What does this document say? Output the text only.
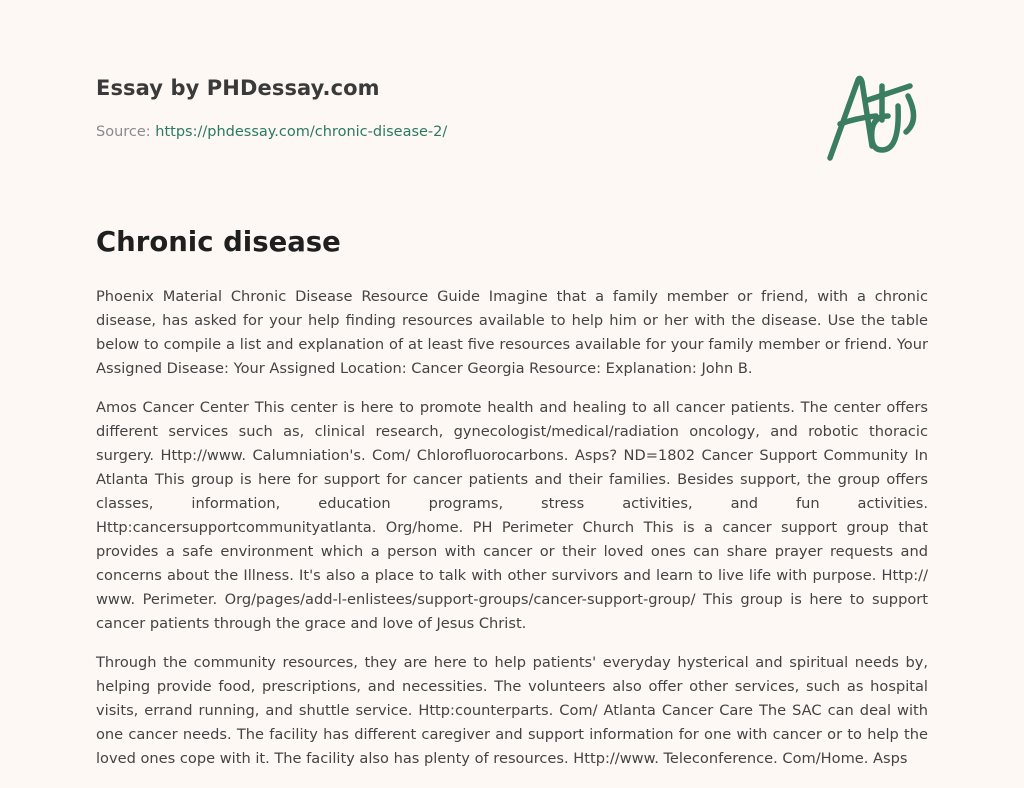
Essay by PHDessay.com
Source: https://phdessay.com/chronic-disease-2/
Chronic disease

Phoenix Material Chronic Disease Resource Guide Imagine that a family member or friend, with a chronic disease, has asked for your help finding resources available to help him or her with the disease. Use the table below to compile a list and explanation of at least five resources available for your family member or friend. Your Assigned Disease: Your Assigned Location: Cancer Georgia Resource: Explanation: John B.

Amos Cancer Center This center is here to promote health and healing to all cancer patients. The center offers different services such as, clinical research, gynecologist/medical/radiation oncology, and robotic thoracic surgery. Http://www. Calumniation's. Com/ Chlorofluorocarbons. Asps? ND=1802 Cancer Support Community In Atlanta This group is here for support for cancer patients and their families. Besides support, the group offers classes, information, education programs, stress activities, and fun activities. Http:cancersupportcommunityatlanta. Org/home. PH Perimeter Church This is a cancer support group that provides a safe environment which a person with cancer or their loved ones can share prayer requests and concerns about the Illness. It's also a place to talk with other survivors and learn to live life with purpose. Http:// www. Perimeter. Org/pages/add-l-enlistees/support-groups/cancer-support-group/ This group is here to support cancer patients through the grace and love of Jesus Christ.

Through the community resources, they are here to help patients' everyday hysterical and spiritual needs by, helping provide food, prescriptions, and necessities. The volunteers also offer other services, such as hospital visits, errand running, and shuttle service. Http:counterparts. Com/ Atlanta Cancer Care The SAC can deal with one cancer needs. The facility has different caregiver and support information for one with cancer or to help the loved ones cope with it. The facility also has plenty of resources. Http://www. Teleconference. Com/Home. Asps
